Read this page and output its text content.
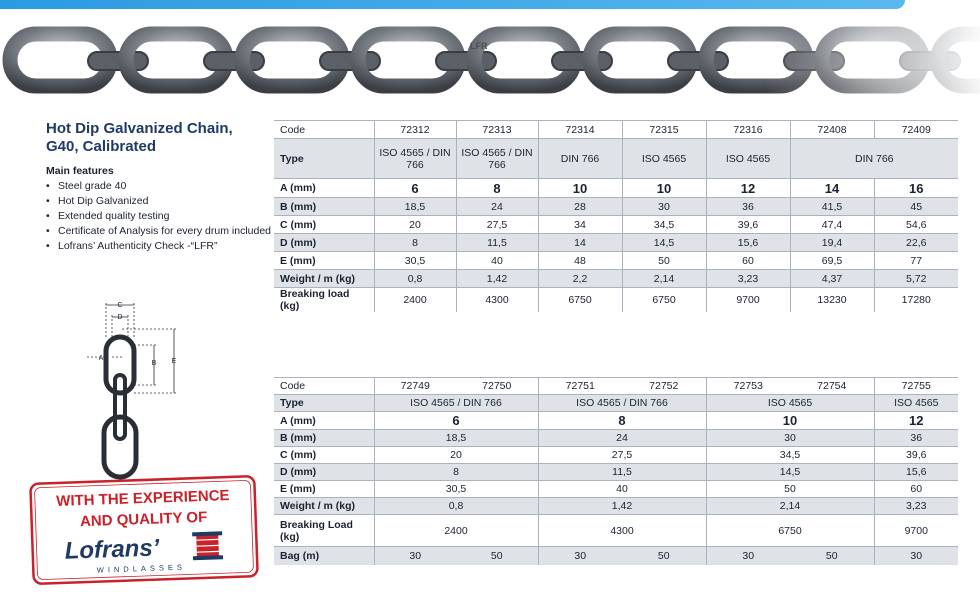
Hot Dip Galvanized Chain,
G40, Calibrated
Main features
• Steel grade 40
• Hot Dip Galvanized
• Extended quality testing
• Certificate of Analysis for every drum included
• Lofrans’ Authenticity Check -“LFR”
C
D
A
B E
WITH THE EXPERIENCE
AND QUALITY OF
Lofrans’
WINDLASSES
Code	72312	72313	72314	72315	72316	72408	72409
Type	ISO 4565 / DIN 766	ISO 4565 / DIN 766	DIN 766	ISO 4565	ISO 4565	DIN 766	
A (mm)	6	8	10	10	12	14	16
B (mm)	18,5	24	28	30	36	41,5	45
C (mm)	20	27,5	34	34,5	39,6	47,4	54,6
D (mm)	8	11,5	14	14,5	15,6	19,4	22,6
E (mm)	30,5	40	48	50	60	69,5	77
Weight / m (kg)	0,8	1,42	2,2	2,14	3,23	4,37	5,72
Breaking load (kg)	2400	4300	6750	6750	9700	13230	17280
Code	72749	72750	72751	72752	72753	72754	72755
Type	ISO 4565 / DIN 766		ISO 4565 / DIN 766		ISO 4565		ISO 4565
A (mm)	6		8		10		12
B (mm)	18,5		24		30		36
C (mm)	20		27,5		34,5		39,6
D (mm)	8		11,5		14,5		15,6
E (mm)	30,5		40		50		60
Weight / m (kg)	0,8		1,42		2,14		3,23
Breaking Load (kg)	2400		4300		6750		9700
Bag (m)	30	50	30	50	30	50	30
